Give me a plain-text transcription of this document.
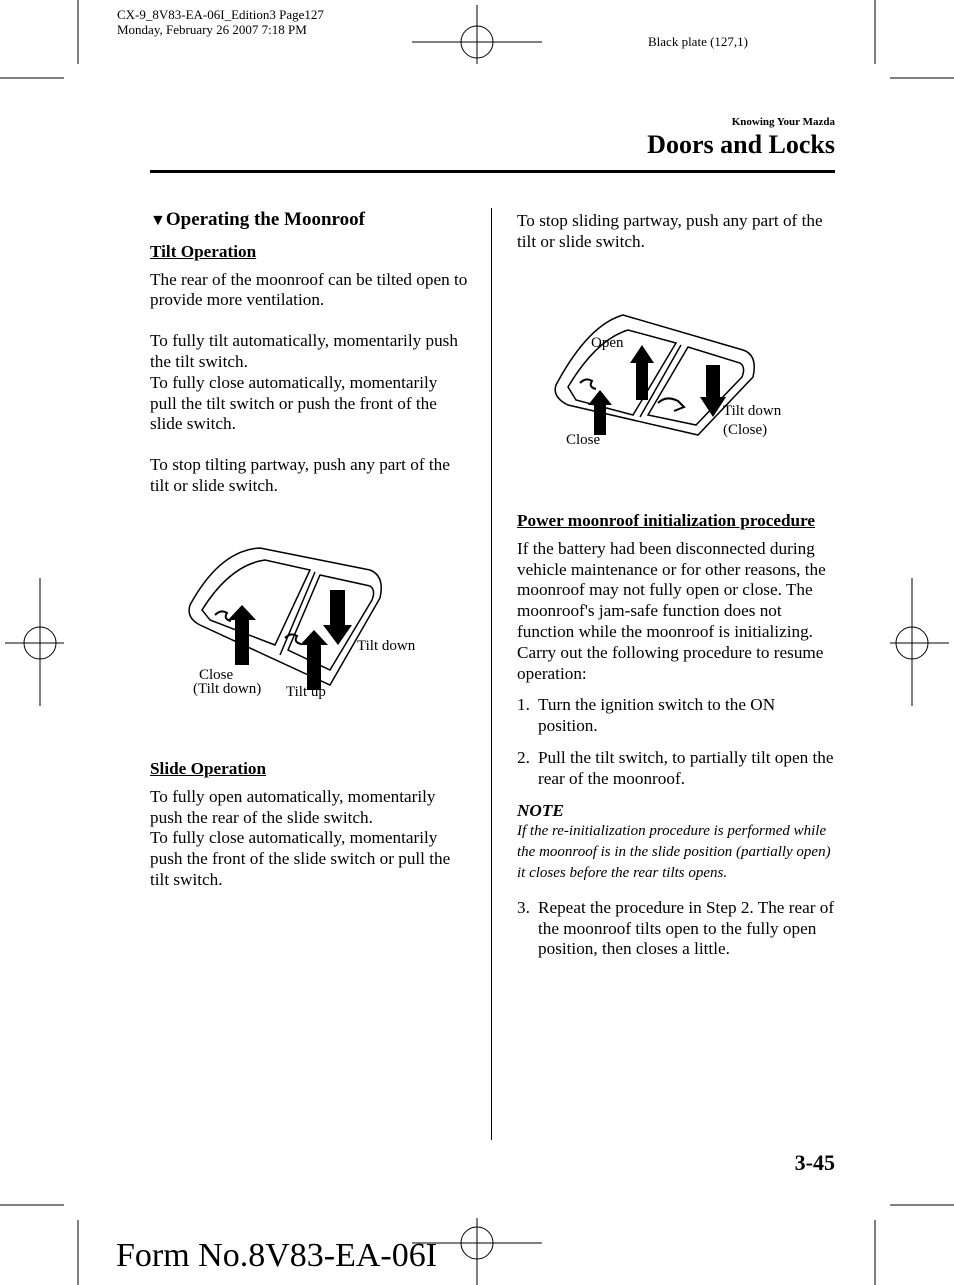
CX-9_8V83-EA-06I_Edition3 Page127
Monday, February 26 2007 7:18 PM
Black plate (127,1)
Knowing Your Mazda
Doors and Locks
▼Operating the Moonroof
Tilt Operation

The rear of the moonroof can be tilted open to provide more ventilation.

To fully tilt automatically, momentarily push the tilt switch.

To fully close automatically, momentarily pull the tilt switch or push the front of the slide switch.

To stop tilting partway, push any part of the tilt or slide switch.

Tilt down
Close
(Tilt down) Tilt up
Slide Operation

To fully open automatically, momentarily push the rear of the slide switch.

To fully close automatically, momentarily push the front of the slide switch or pull the tilt switch.

To stop sliding partway, push any part of the tilt or slide switch.
Open
Close
Tilt down
(Close)
Power moonroof initialization procedure

If the battery had been disconnected during vehicle maintenance or for other reasons, the moonroof may not fully open or close. The moonroof's jam-safe function does not function while the moonroof is initializing. Carry out the following procedure to resume operation:

1. Turn the ignition switch to the ON position.
2. Pull the tilt switch, to partially tilt open the rear of the moonroof.
NOTE

If the re-initialization procedure is performed while the moonroof is in the slide position (partially open) it closes before the rear tilts opens.

3. Repeat the procedure in Step 2. The rear of the moonroof tilts open to the fully open position, then closes a little.
3-45
Form No.8V83-EA-06I
